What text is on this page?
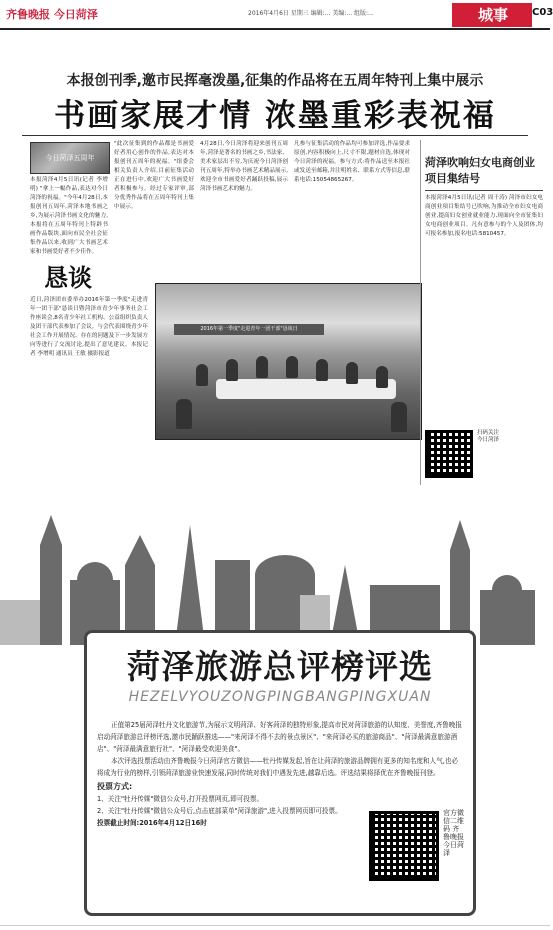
齐鲁晚报 今日菏泽	2016年4月6日 星期三 编辑:... 美编:... 组版:...	城事	C03
本报创刊季,邀市民挥毫泼墨,征集的作品将在五周年特刊上集中展示
书画家展才情 浓墨重彩表祝福
今日菏泽五周年
本报菏泽4月5日讯(记者 李增明) "拿上一幅作品,表达对今日菏泽的祝福。"今年4月28日,本报创刊五周年,菏泽本地书画之乡,为展示菏泽书画文化的魅力,本报将在五周年特刊上特辟书画作品版块,面向市民全社会征集作品以来,收到广大书画艺术家和书画爱好者不少佳作。
"此次征集到的作品都是书画爱好者用心创作的作品,表达对本报创刊五周年的祝福。"组委会相关负责人介绍,目前征集活动正在进行中,欢迎广大书画爱好者积极参与。经过专家评审,部分优秀作品将在五周年特刊上集中展示。
4月28日,今日菏泽将迎来创刊五周年,菏泽是著名的书画之乡,书法家、美术家层出不穷,为庆祝今日菏泽创刊五周年,特举办书画艺术精品展示,欢迎全市书画爱好者踊跃投稿,展示菏泽书画艺术的魅力。
凡参与征集活动的作品均可参加评选,作品要求原创,内容积极向上,尺寸不限,题材自选,体现对今日菏泽的祝福。参与方式:将作品送至本报社或发送至邮箱,并注明姓名、联系方式等信息,联系电话:15054865267。
恳谈
近日,菏泽团市委举办2016年第一季度"走进青年一团干部"恳谈日暨菏泽市青少年事务社会工作座谈会,8名青少年社工机构、公益组织负责人及团干部代表参加了会议。与会代表围绕青少年社会工作开展情况、存在的问题及下一步发展方向等进行了交流讨论,提出了意见建议。本报记者 李增明 通讯员 王敏 摄影报道
2016年第一季度"走进青年一团干部"恳谈日
菏泽吹响妇女电商创业项目集结号
本报菏泽4月5日讯(记者 周千涛) 菏泽市妇女电商创业项目集结号已吹响,为推动全市妇女电商创业,提高妇女创业就业能力,现面向全市征集妇女电商创业项目。凡有意参与的个人及团体,均可报名参加,报名电话:5810457。
扫码关注今日菏泽
菏泽旅游总评榜评选
HEZELVYOUZONGPINGBANGPINGXUAN
正值第25届菏泽牡丹文化旅游节,为展示文明菏泽、好客菏泽的独特形象,提高市民对菏泽旅游的认知度、美誉度,齐鲁晚报启动菏泽旅游总评榜评选,邀市民踊跃推选——"来菏泽不得不去的景点景区"、"来菏泽必买的旅游商品"、"菏泽最满意旅游酒店"、"菏泽最满意旅行社"、"菏泽最受欢迎美食"。
本次评选投票活动由齐鲁晚报今日菏泽官方微信——牡丹传媒发起,旨在让菏泽的旅游品牌拥有更多的知名度和人气,也必将成为行业的榜样,引领菏泽旅游业快速发展,同时传统对我们中遇发先进,越靠后选。评选结果将择优在齐鲁晚报刊登。
投票方式:
1、关注"牡丹传媒"微信公众号,打开投票网页,即可投票。
2、关注"牡丹传媒"微信公众号后,点击底部菜单"菏泽旅游",进入投票网页即可投票。
投票截止时间:2016年4月12日16时
官方微信二维码 齐鲁晚报今日菏泽
